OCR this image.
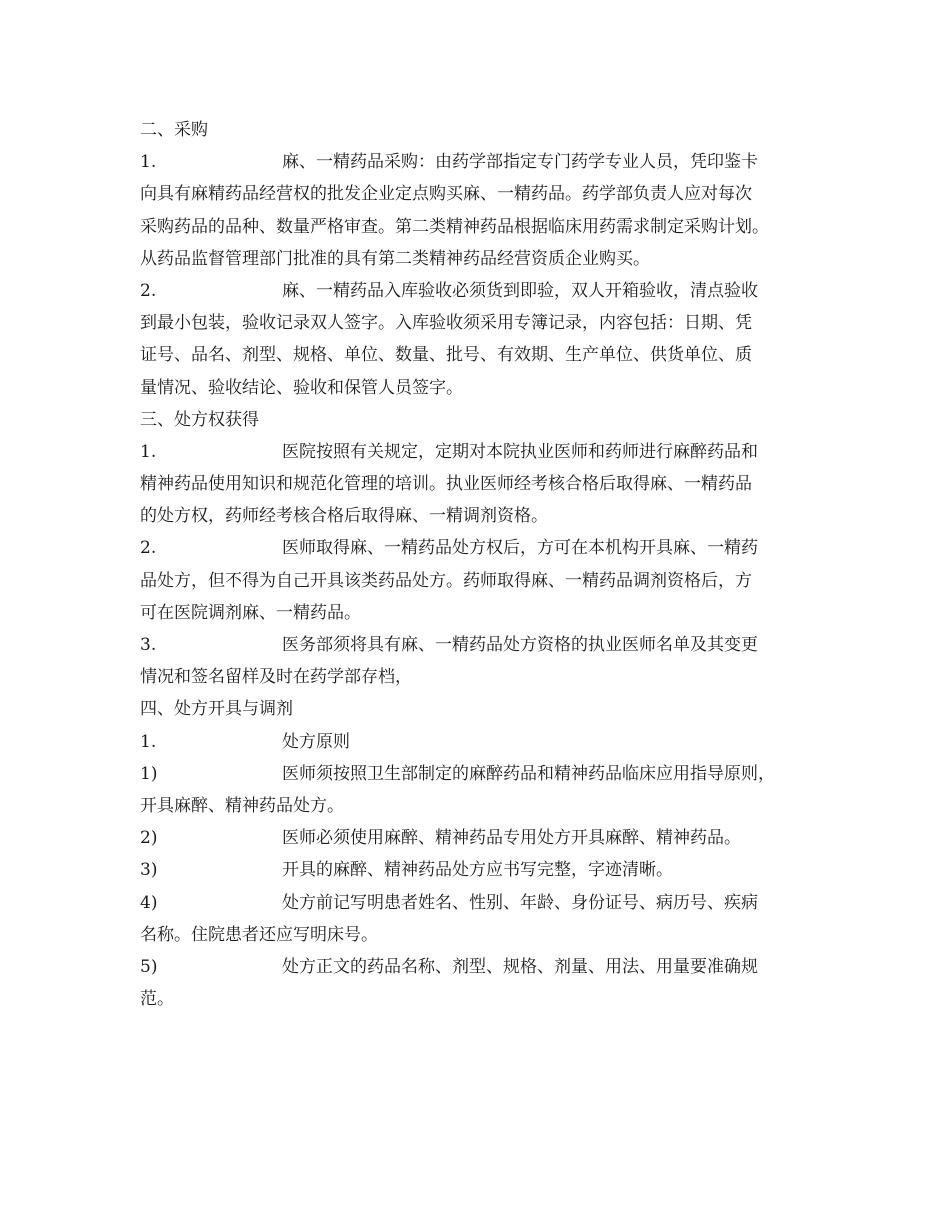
二、采购
1.	麻、一精药品采购：由药学部指定专门药学专业人员，凭印鉴卡
向具有麻精药品经营权的批发企业定点购买麻、一精药品。药学部负责人应对每次
采购药品的品种、数量严格审查。第二类精神药品根据临床用药需求制定采购计划。
从药品监督管理部门批准的具有第二类精神药品经营资质企业购买。
2.	麻、一精药品入库验收必须货到即验，双人开箱验收，清点验收
到最小包装，验收记录双人签字。入库验收须采用专簿记录，内容包括：日期、凭
证号、品名、剂型、规格、单位、数量、批号、有效期、生产单位、供货单位、质
量情况、验收结论、验收和保管人员签字。
三、处方权获得
1.	医院按照有关规定，定期对本院执业医师和药师进行麻醉药品和
精神药品使用知识和规范化管理的培训。执业医师经考核合格后取得麻、一精药品
的处方权，药师经考核合格后取得麻、一精调剂资格。
2.	医师取得麻、一精药品处方权后，方可在本机构开具麻、一精药
品处方，但不得为自己开具该类药品处方。药师取得麻、一精药品调剂资格后，方
可在医院调剂麻、一精药品。
3.	医务部须将具有麻、一精药品处方资格的执业医师名单及其变更
情况和签名留样及时在药学部存档，
四、处方开具与调剂
1.	处方原则
1)	医师须按照卫生部制定的麻醉药品和精神药品临床应用指导原则，
开具麻醉、精神药品处方。
2)	医师必须使用麻醉、精神药品专用处方开具麻醉、精神药品。
3)	开具的麻醉、精神药品处方应书写完整，字迹清晰。
4)	处方前记写明患者姓名、性别、年龄、身份证号、病历号、疾病
名称。住院患者还应写明床号。
5)	处方正文的药品名称、剂型、规格、剂量、用法、用量要准确规
范。
